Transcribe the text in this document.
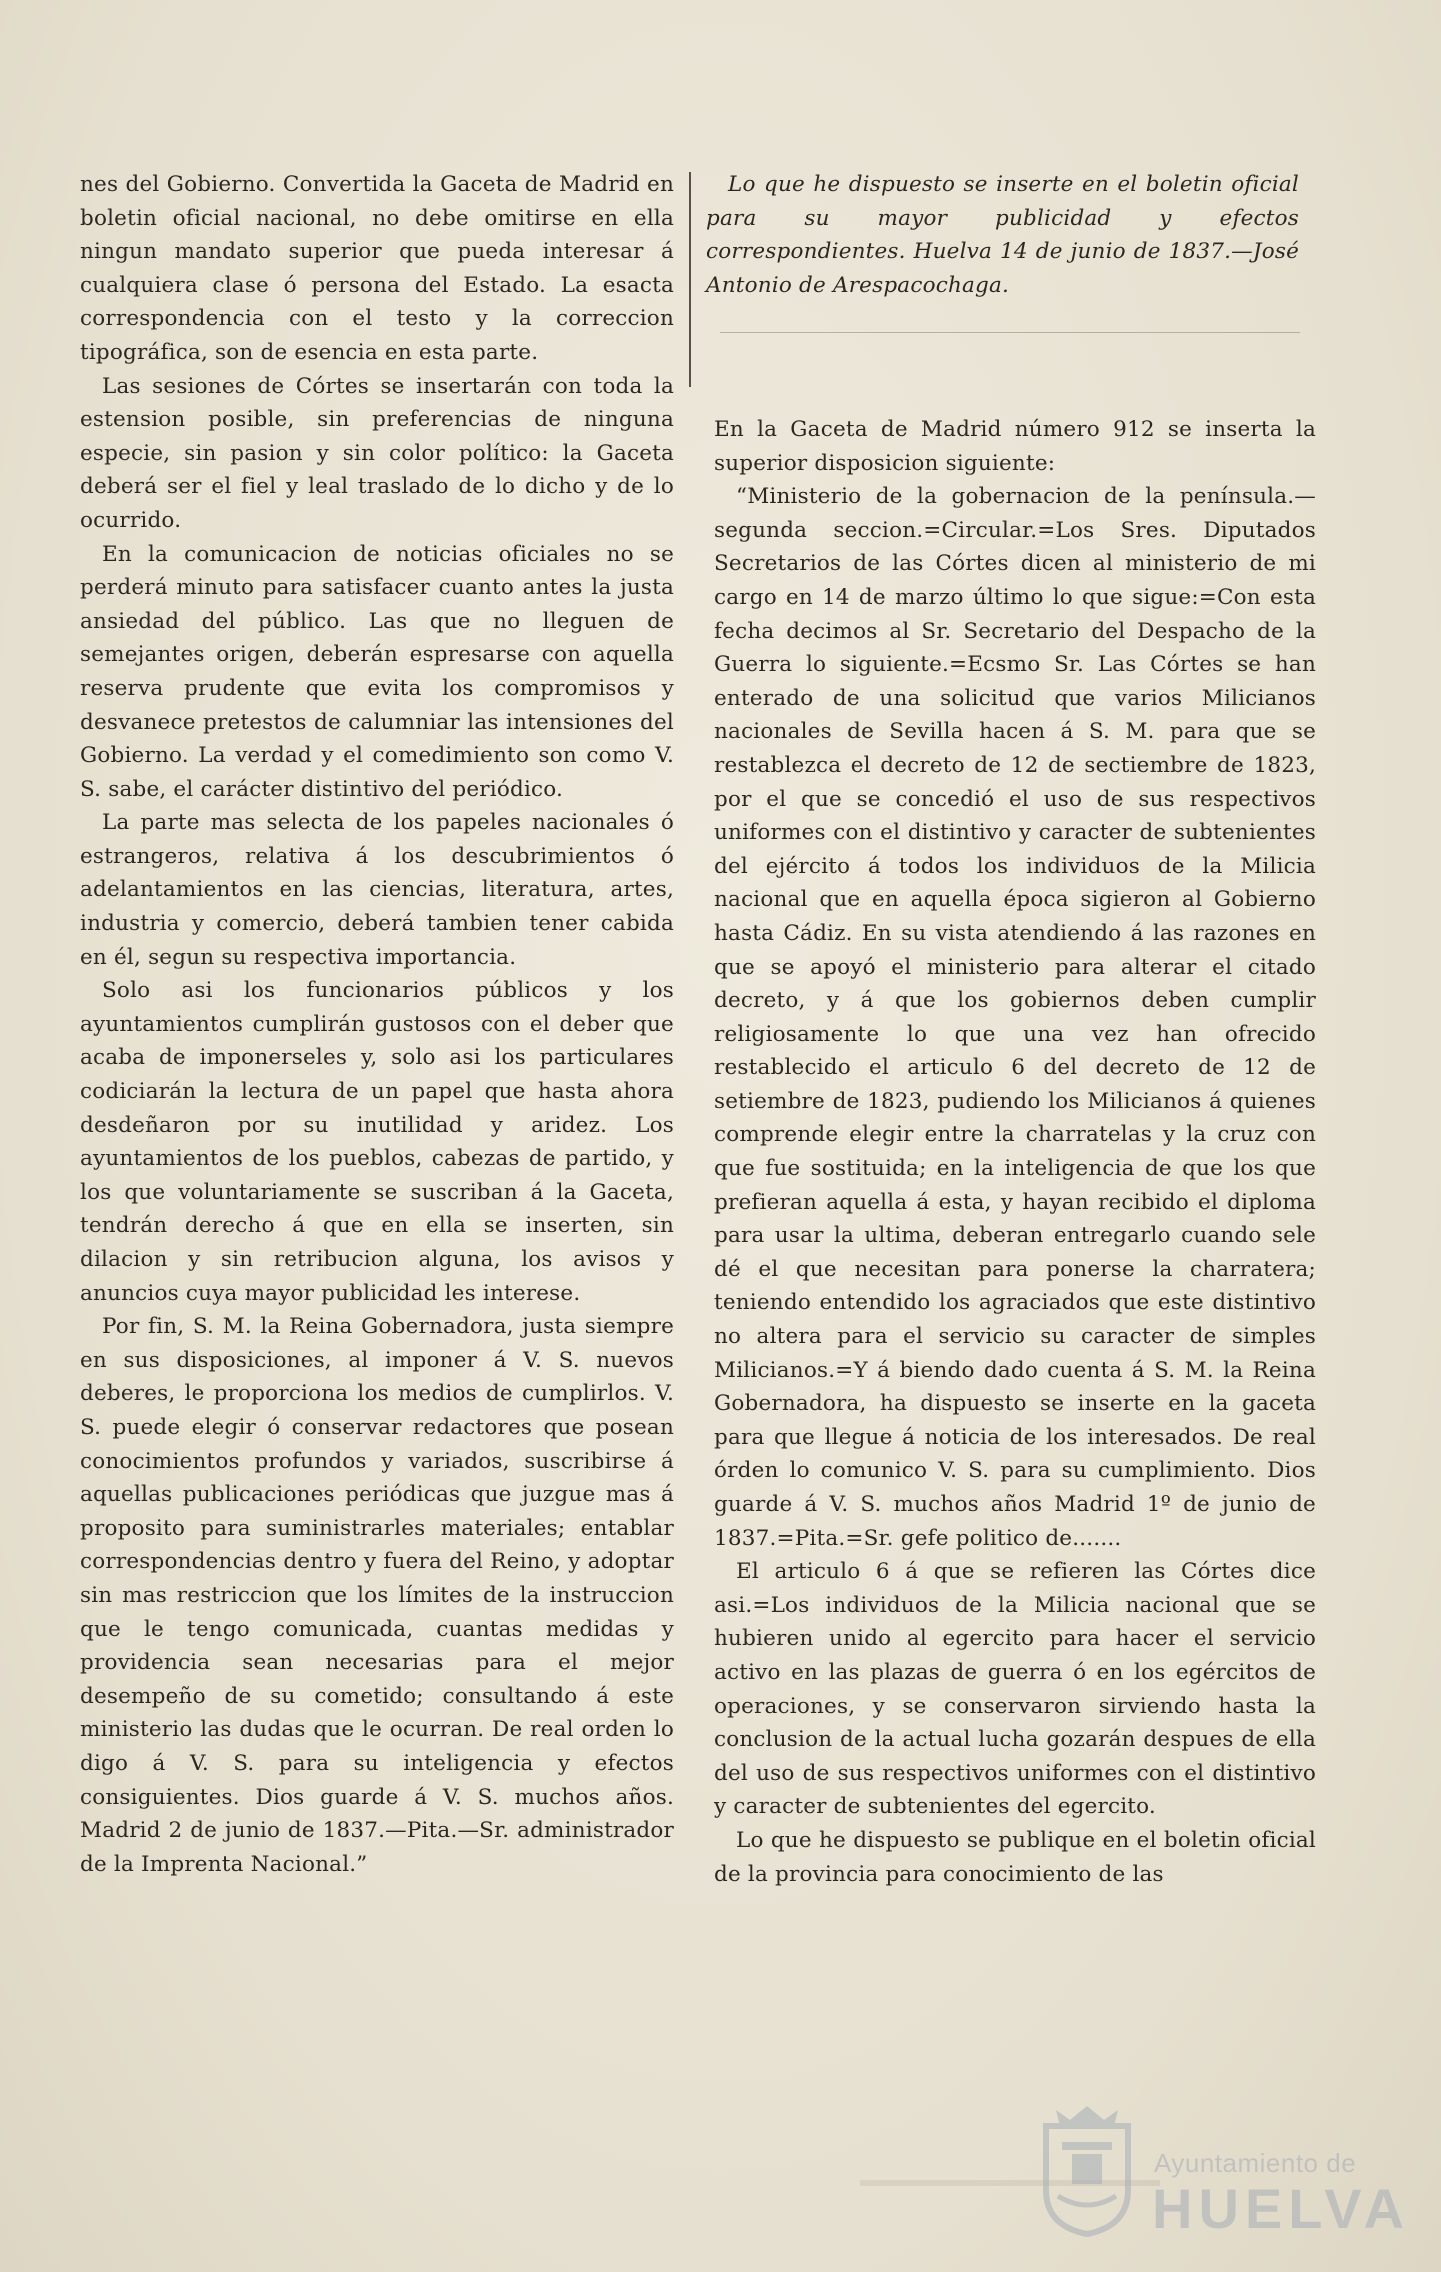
nes del Gobierno. Convertida la Gaceta de Madrid en boletin oficial nacional, no debe omitirse en ella ningun mandato superior que pueda interesar á cualquiera clase ó persona del Estado. La esacta correspondencia con el testo y la correccion tipográfica, son de esencia en esta parte.

Las sesiones de Córtes se insertarán con toda la estension posible, sin preferencias de ninguna especie, sin pasion y sin color político: la Gaceta deberá ser el fiel y leal traslado de lo dicho y de lo ocurrido.

En la comunicacion de noticias oficiales no se perderá minuto para satisfacer cuanto antes la justa ansiedad del público. Las que no lleguen de semejantes origen, deberán espresarse con aquella reserva prudente que evita los compromisos y desvanece pretestos de calumniar las intensiones del Gobierno. La verdad y el comedimiento son como V. S. sabe, el carácter distintivo del periódico.

La parte mas selecta de los papeles nacionales ó estrangeros, relativa á los descubrimientos ó adelantamientos en las ciencias, literatura, artes, industria y comercio, deberá tambien tener cabida en él, segun su respectiva importancia.

Solo asi los funcionarios públicos y los ayuntamientos cumplirán gustosos con el deber que acaba de imponerseles y, solo asi los particulares codiciarán la lectura de un papel que hasta ahora desdeñaron por su inutilidad y aridez. Los ayuntamientos de los pueblos, cabezas de partido, y los que voluntariamente se suscriban á la Gaceta, tendrán derecho á que en ella se inserten, sin dilacion y sin retribucion alguna, los avisos y anuncios cuya mayor publicidad les interese.

Por fin, S. M. la Reina Gobernadora, justa siempre en sus disposiciones, al imponer á V. S. nuevos deberes, le proporciona los medios de cumplirlos. V. S. puede elegir ó conservar redactores que posean conocimientos profundos y variados, suscribirse á aquellas publicaciones periódicas que juzgue mas á proposito para suministrarles materiales; entablar correspondencias dentro y fuera del Reino, y adoptar sin mas restriccion que los límites de la instruccion que le tengo comunicada, cuantas medidas y providencia sean necesarias para el mejor desempeño de su cometido; consultando á este ministerio las dudas que le ocurran. De real orden lo digo á V. S. para su inteligencia y efectos consiguientes. Dios guarde á V. S. muchos años. Madrid 2 de junio de 1837.—Pita.—Sr. administrador de la Imprenta Nacional.”

Lo que he dispuesto se inserte en el boletin oficial para su mayor publicidad y efectos correspondientes. Huelva 14 de junio de 1837.—José Antonio de Arespacochaga.

En la Gaceta de Madrid número 912 se inserta la superior disposicion siguiente:

“Ministerio de la gobernacion de la península.—segunda seccion.=Circular.=Los Sres. Diputados Secretarios de las Córtes dicen al ministerio de mi cargo en 14 de marzo último lo que sigue:=Con esta fecha decimos al Sr. Secretario del Despacho de la Guerra lo siguiente.=Ecsmo Sr. Las Córtes se han enterado de una solicitud que varios Milicianos nacionales de Sevilla hacen á S. M. para que se restablezca el decreto de 12 de sectiembre de 1823, por el que se concedió el uso de sus respectivos uniformes con el distintivo y caracter de subtenientes del ejército á todos los individuos de la Milicia nacional que en aquella época sigieron al Gobierno hasta Cádiz. En su vista atendiendo á las razones en que se apoyó el ministerio para alterar el citado decreto, y á que los gobiernos deben cumplir religiosamente lo que una vez han ofrecido restablecido el articulo 6 del decreto de 12 de setiembre de 1823, pudiendo los Milicianos á quienes comprende elegir entre la charratelas y la cruz con que fue sostituida; en la inteligencia de que los que prefieran aquella á esta, y hayan recibido el diploma para usar la ultima, deberan entregarlo cuando sele dé el que necesitan para ponerse la charratera; teniendo entendido los agraciados que este distintivo no altera para el servicio su caracter de simples Milicianos.=Y á biendo dado cuenta á S. M. la Reina Gobernadora, ha dispuesto se inserte en la gaceta para que llegue á noticia de los interesados. De real órden lo comunico V. S. para su cumplimiento. Dios guarde á V. S. muchos años Madrid 1º de junio de 1837.=Pita.=Sr. gefe politico de.......

El articulo 6 á que se refieren las Córtes dice asi.=Los individuos de la Milicia nacional que se hubieren unido al egercito para hacer el servicio activo en las plazas de guerra ó en los egércitos de operaciones, y se conservaron sirviendo hasta la conclusion de la actual lucha gozarán despues de ella del uso de sus respectivos uniformes con el distintivo y caracter de subtenientes del egercito.

Lo que he dispuesto se publique en el boletin oficial de la provincia para conocimiento de las

Ayuntamiento de
HUELVA
